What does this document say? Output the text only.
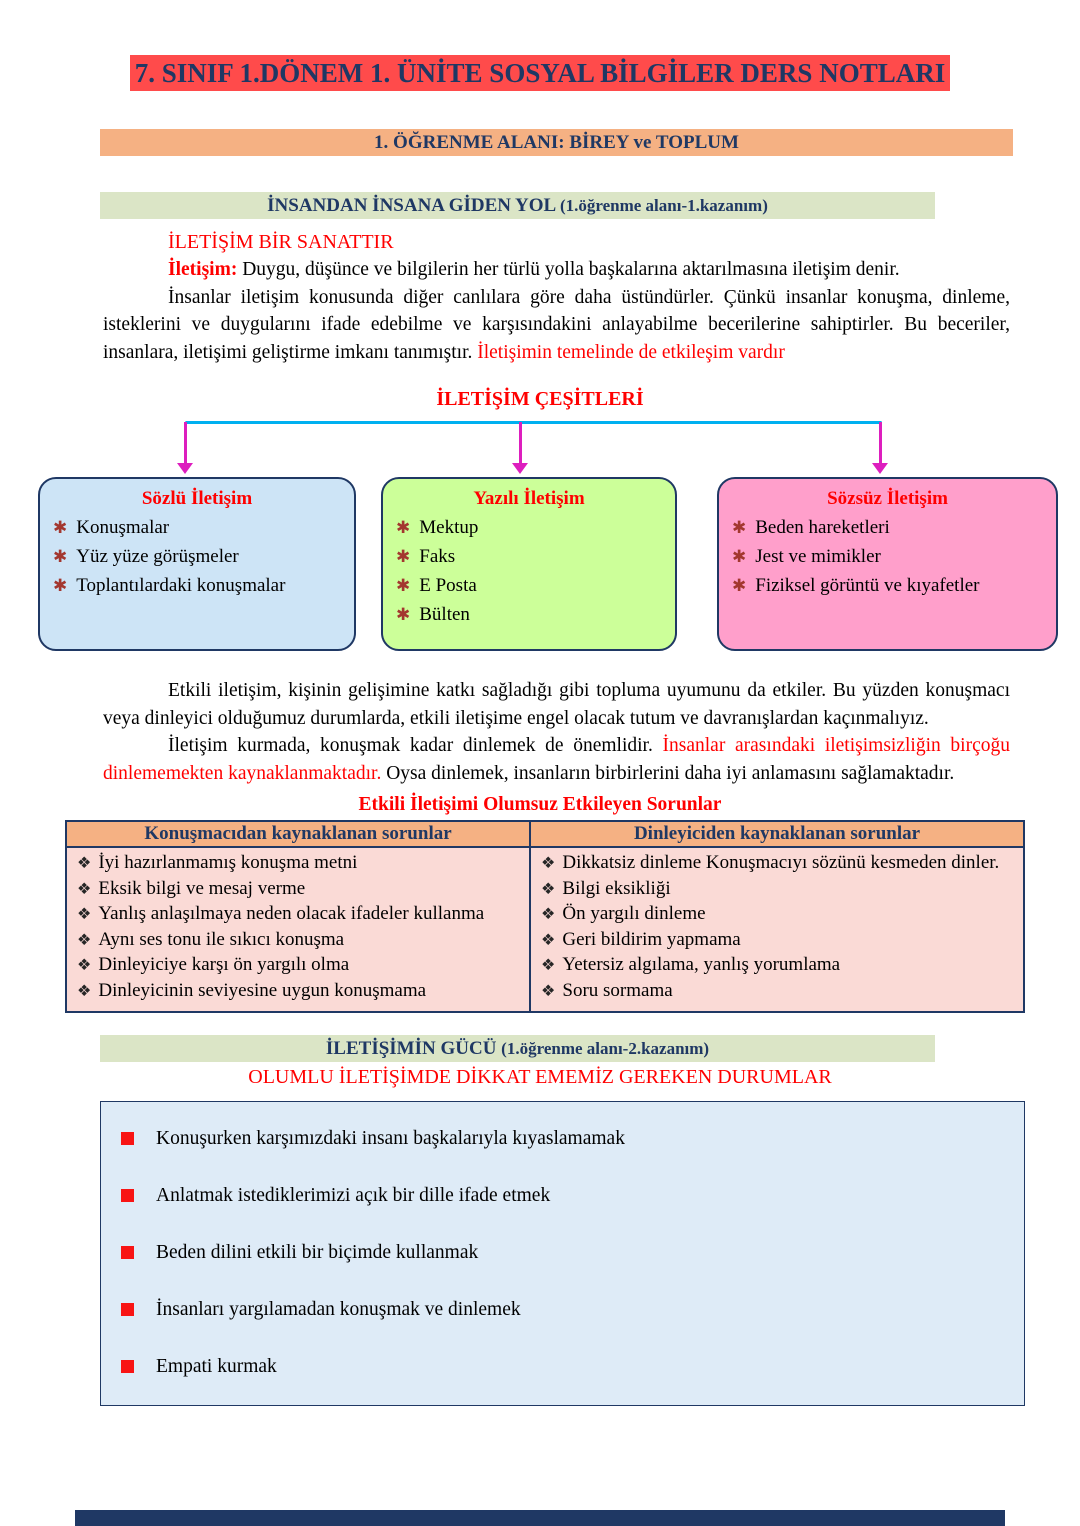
7. SINIF 1.DÖNEM 1. ÜNİTE SOSYAL BİLGİLER DERS NOTLARI
1. ÖĞRENME ALANI: BİREY ve TOPLUM
İNSANDAN İNSANA GİDEN YOL (1.öğrenme alanı-1.kazanım)
İLETİŞİM BİR SANATTIR

İletişim: Duygu, düşünce ve bilgilerin her türlü yolla başkalarına aktarılmasına iletişim denir.

İnsanlar iletişim konusunda diğer canlılara göre daha üstündürler. Çünkü insanlar konuşma, dinleme, isteklerini ve duygularını ifade edebilme ve karşısındakini anlayabilme becerilerine sahiptirler. Bu beceriler, insanlara, iletişimi geliştirme imkanı tanımıştır. İletişimin temelinde de etkileşim vardır

İLETİŞİM ÇEŞİTLERİ
Sözlü İletişim
✱ Konuşmalar
✱ Yüz yüze görüşmeler
✱ Toplantılardaki konuşmalar
Yazılı İletişim
✱ Mektup
✱ Faks
✱ E Posta
✱ Bülten
Sözsüz İletişim
✱ Beden hareketleri
✱ Jest ve mimikler
✱ Fiziksel görüntü ve kıyafetler

Etkili iletişim, kişinin gelişimine katkı sağladığı gibi topluma uyumunu da etkiler. Bu yüzden konuşmacı veya dinleyici olduğumuz durumlarda, etkili iletişime engel olacak tutum ve davranışlardan kaçınmalıyız.

İletişim kurmada, konuşmak kadar dinlemek de önemlidir. İnsanlar arasındaki iletişimsizliğin birçoğu dinlememekten kaynaklanmaktadır. Oysa dinlemek, insanların birbirlerini daha iyi anlamasını sağlamaktadır.

Etkili İletişimi Olumsuz Etkileyen Sorunlar
Konuşmacıdan kaynaklanan sorunlar	Dinleyiciden kaynaklanan sorunlar

❖ İyi hazırlanmamış konuşma metni
❖ Eksik bilgi ve mesaj verme
❖ Yanlış anlaşılmaya neden olacak ifadeler kullanma
❖ Aynı ses tonu ile sıkıcı konuşma
❖ Dinleyiciye karşı ön yargılı olma
❖ Dinleyicinin seviyesine uygun konuşmama

❖ Dikkatsiz dinleme Konuşmacıyı sözünü kesmeden dinler.
❖ Bilgi eksikliği
❖ Ön yargılı dinleme
❖ Geri bildirim yapmama
❖ Yetersiz algılama, yanlış yorumlama
❖ Soru sormama
İLETİŞİMİN GÜCÜ (1.öğrenme alanı-2.kazanım)
OLUMLU İLETİŞİMDE DİKKAT EMEMİZ GEREKEN DURUMLAR
Konuşurken karşımızdaki insanı başkalarıyla kıyaslamamak
Anlatmak istediklerimizi açık bir dille ifade etmek
Beden dilini etkili bir biçimde kullanmak
İnsanları yargılamadan konuşmak ve dinlemek
Empati kurmak
